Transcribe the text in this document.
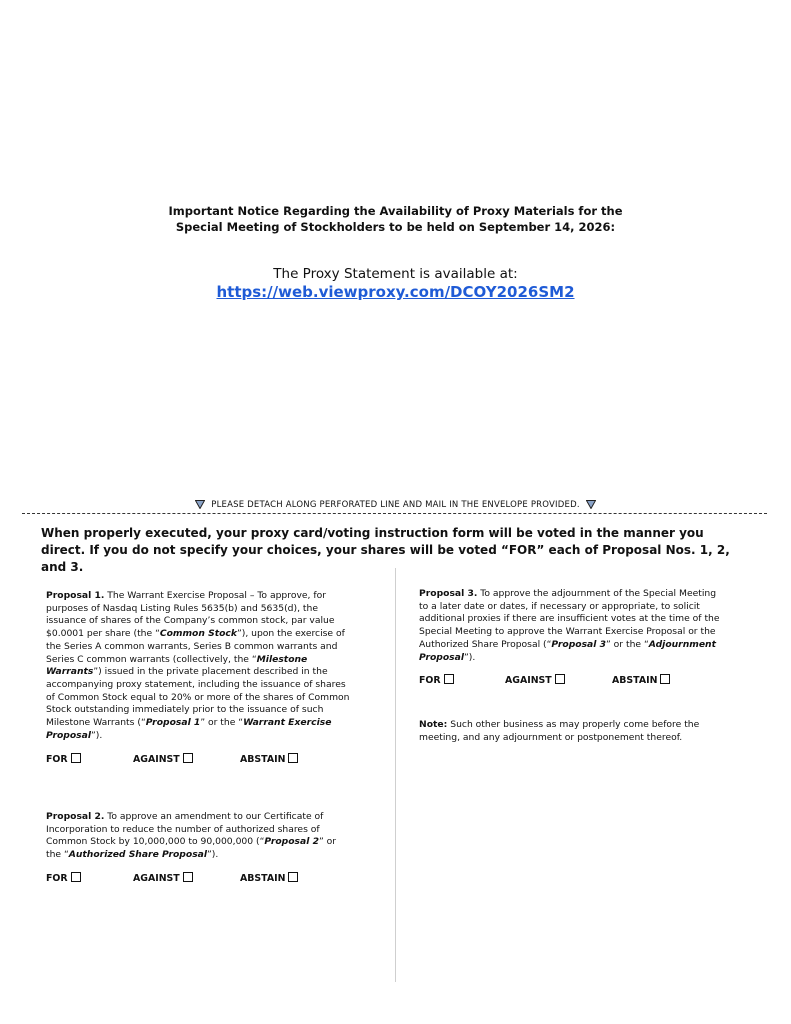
Important Notice Regarding the Availability of Proxy Materials for the
Special Meeting of Stockholders to be held on September 14, 2026:
The Proxy Statement is available at:
https://web.viewproxy.com/DCOY2026SM2
PLEASE DETACH ALONG PERFORATED LINE AND MAIL IN THE ENVELOPE PROVIDED.
When properly executed, your proxy card/voting instruction form will be voted in the manner you direct. If you do not specify your choices, your shares will be voted “FOR” each of Proposal Nos. 1, 2, and 3.
Proposal 1. The Warrant Exercise Proposal – To approve, for purposes of Nasdaq Listing Rules 5635(b) and 5635(d), the issuance of shares of the Company’s common stock, par value $0.0001 per share (the “Common Stock”), upon the exercise of the Series A common warrants, Series B common warrants and Series C common warrants (collectively, the “Milestone Warrants”) issued in the private placement described in the accompanying proxy statement, including the issuance of shares of Common Stock equal to 20% or more of the shares of Common Stock outstanding immediately prior to the issuance of such Milestone Warrants (“Proposal 1” or the “Warrant Exercise Proposal”).
FOR	AGAINST	ABSTAIN
Proposal 2. To approve an amendment to our Certificate of Incorporation to reduce the number of authorized shares of Common Stock by 10,000,000 to 90,000,000 (“Proposal 2” or the “Authorized Share Proposal”).
FOR	AGAINST	ABSTAIN
Proposal 3. To approve the adjournment of the Special Meeting to a later date or dates, if necessary or appropriate, to solicit additional proxies if there are insufficient votes at the time of the Special Meeting to approve the Warrant Exercise Proposal or the Authorized Share Proposal (“Proposal 3” or the “Adjournment Proposal”).
FOR	AGAINST	ABSTAIN
Note: Such other business as may properly come before the meeting, and any adjournment or postponement thereof.
